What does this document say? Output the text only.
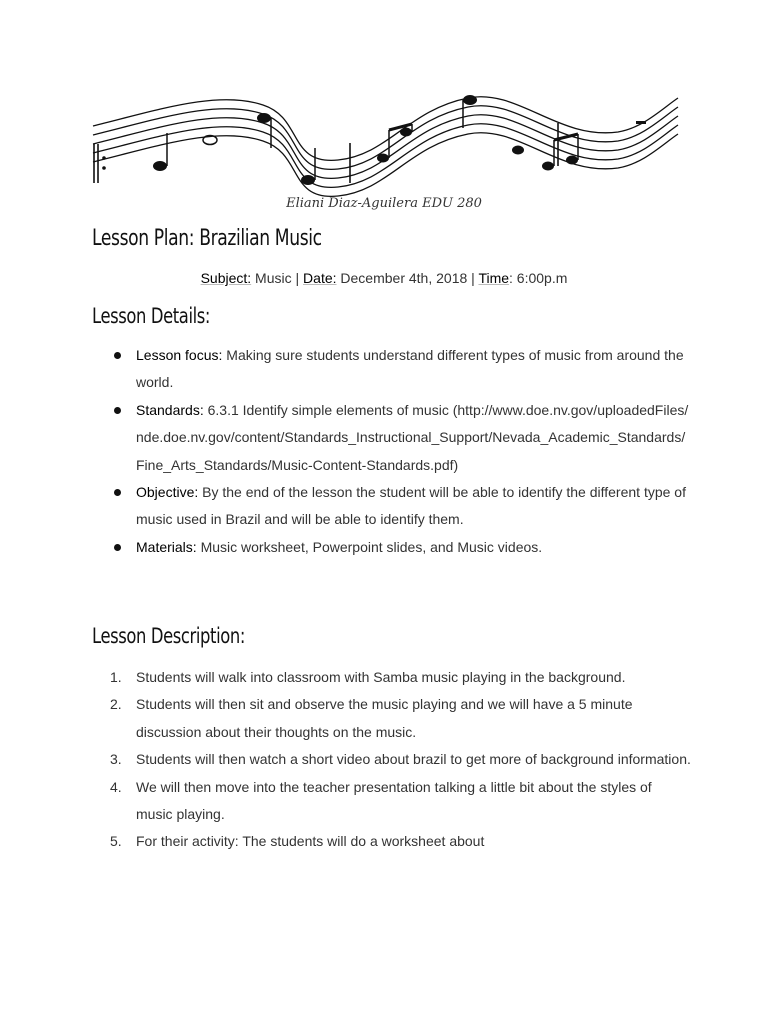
Eliani Diaz-Aguilera EDU 280
Lesson Plan: Brazilian Music
Subject: Music | Date: December 4th, 2018 | Time: 6:00p.m
Lesson Details:
Lesson focus: Making sure students understand different types of music from around the world.
Standards: 6.3.1 Identify simple elements of music (http://www.doe.nv.gov/uploadedFiles/nde.doe.nv.gov/content/Standards_Instructional_Support/Nevada_Academic_Standards/Fine_Arts_Standards/Music-Content-Standards.pdf)
Objective: By the end of the lesson the student will be able to identify the different type of music used in Brazil and will be able to identify them.
Materials: Music worksheet, Powerpoint slides, and Music videos.
Lesson Description:
1. Students will walk into classroom with Samba music playing in the background.
2. Students will then sit and observe the music playing and we will have a 5 minute discussion about their thoughts on the music.
3. Students will then watch a short video about brazil to get more of background information.
4. We will then move into the teacher presentation talking a little bit about the styles of music playing.
5. For their activity: The students will do a worksheet about
